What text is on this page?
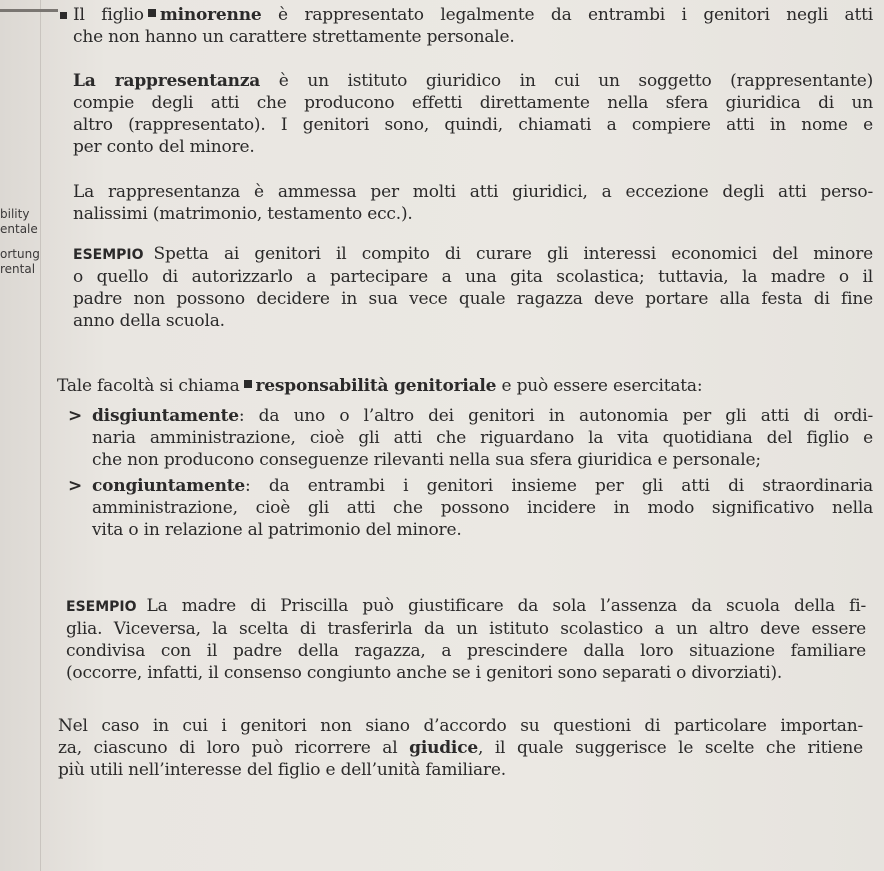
bility
entale
ortung
rental
Il figlio minorenne è rappresentato legalmente da entrambi i genitori negli atti
che non hanno un carattere strettamente personale.
La rappresentanza è un istituto giuridico in cui un soggetto (rappresentante)
compie degli atti che producono effetti direttamente nella sfera giuridica di un
altro (rappresentato). I genitori sono, quindi, chiamati a compiere atti in nome e
per conto del minore.
La rappresentanza è ammessa per molti atti giuridici, a eccezione degli atti perso-
nalissimi (matrimonio, testamento ecc.).
ESEMPIO Spetta ai genitori il compito di curare gli interessi economici del minore
o quello di autorizzarlo a partecipare a una gita scolastica; tuttavia, la madre o il
padre non possono decidere in sua vece quale ragazza deve portare alla festa di fine
anno della scuola.
Tale facoltà si chiama responsabilità genitoriale e può essere esercitata:
> disgiuntamente: da uno o l’altro dei genitori in autonomia per gli atti di ordi-
naria amministrazione, cioè gli atti che riguardano la vita quotidiana del figlio e
che non producono conseguenze rilevanti nella sua sfera giuridica e personale;
> congiuntamente: da entrambi i genitori insieme per gli atti di straordinaria
amministrazione, cioè gli atti che possono incidere in modo significativo nella
vita o in relazione al patrimonio del minore.
ESEMPIO La madre di Priscilla può giustificare da sola l’assenza da scuola della fi-
glia. Viceversa, la scelta di trasferirla da un istituto scolastico a un altro deve essere
condivisa con il padre della ragazza, a prescindere dalla loro situazione familiare
(occorre, infatti, il consenso congiunto anche se i genitori sono separati o divorziati).
Nel caso in cui i genitori non siano d’accordo su questioni di particolare importan-
za, ciascuno di loro può ricorrere al giudice, il quale suggerisce le scelte che ritiene
più utili nell’interesse del figlio e dell’unità familiare.
